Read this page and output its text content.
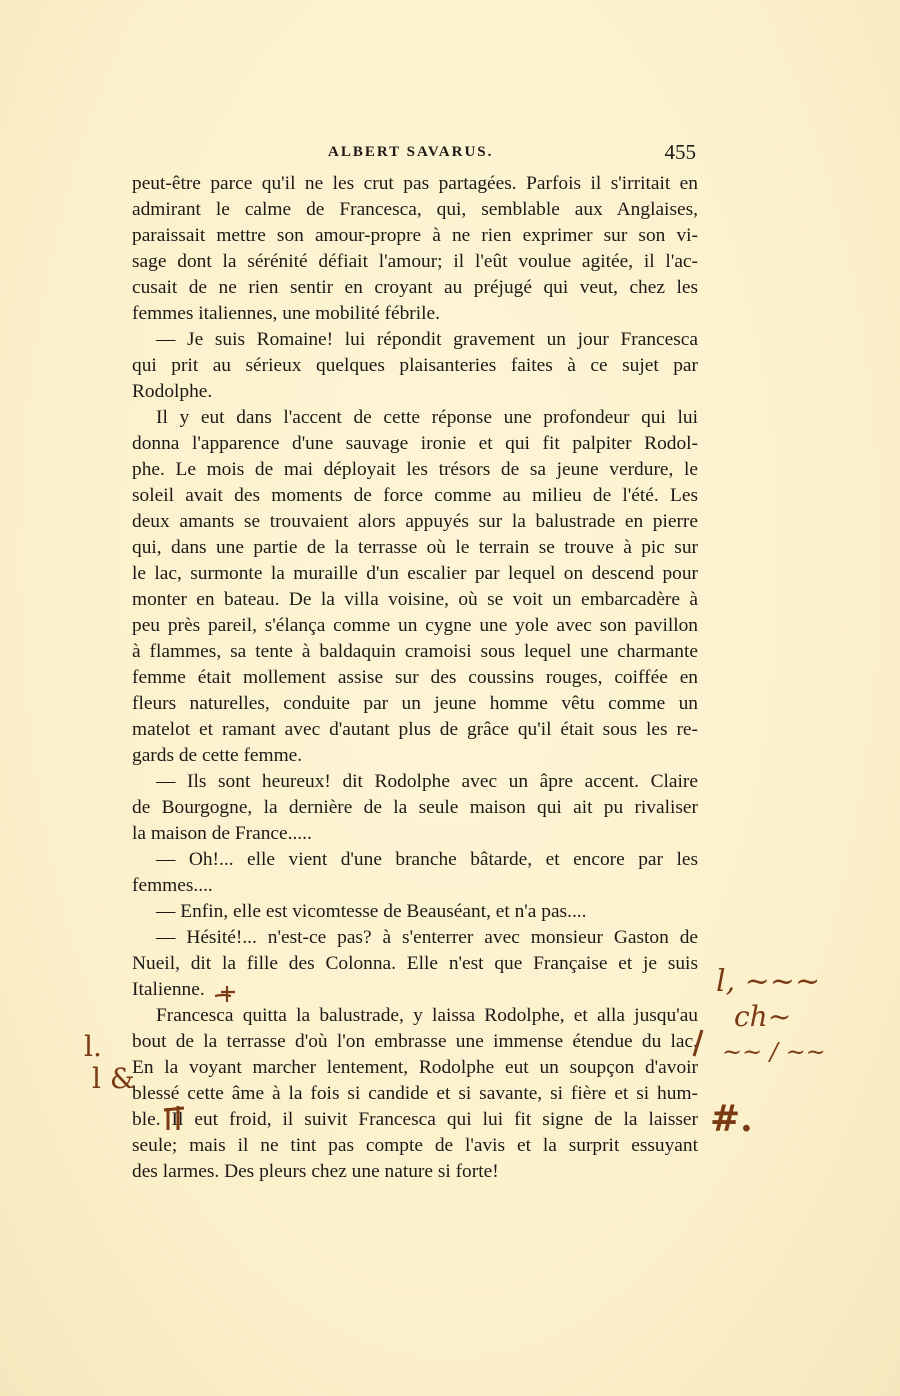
ALBERT SAVARUS.	455
peut-être parce qu'il ne les crut pas partagées. Parfois il s'irritait en
admirant le calme de Francesca, qui, semblable aux Anglaises,
paraissait mettre son amour-propre à ne rien exprimer sur son vi-
sage dont la sérénité défiait l'amour; il l'eût voulue agitée, il l'ac-
cusait de ne rien sentir en croyant au préjugé qui veut, chez les
femmes italiennes, une mobilité fébrile.
— Je suis Romaine! lui répondit gravement un jour Francesca
qui prit au sérieux quelques plaisanteries faites à ce sujet par
Rodolphe.
Il y eut dans l'accent de cette réponse une profondeur qui lui
donna l'apparence d'une sauvage ironie et qui fit palpiter Rodol-
phe. Le mois de mai déployait les trésors de sa jeune verdure, le
soleil avait des moments de force comme au milieu de l'été. Les
deux amants se trouvaient alors appuyés sur la balustrade en pierre
qui, dans une partie de la terrasse où le terrain se trouve à pic sur
le lac, surmonte la muraille d'un escalier par lequel on descend pour
monter en bateau. De la villa voisine, où se voit un embarcadère à
peu près pareil, s'élança comme un cygne une yole avec son pavillon
à flammes, sa tente à baldaquin cramoisi sous lequel une charmante
femme était mollement assise sur des coussins rouges, coiffée en
fleurs naturelles, conduite par un jeune homme vêtu comme un
matelot et ramant avec d'autant plus de grâce qu'il était sous les re-
gards de cette femme.
— Ils sont heureux! dit Rodolphe avec un âpre accent. Claire
de Bourgogne, la dernière de la seule maison qui ait pu rivaliser
la maison de France.....
— Oh!... elle vient d'une branche bâtarde, et encore par les
femmes....
— Enfin, elle est vicomtesse de Beauséant, et n'a pas....
— Hésité!... n'est-ce pas? à s'enterrer avec monsieur Gaston de
Nueil, dit la fille des Colonna. Elle n'est que Française et je suis
Italienne.
Francesca quitta la balustrade, y laissa Rodolphe, et alla jusqu'au
bout de la terrasse d'où l'on embrasse une immense étendue du lac.
En la voyant marcher lentement, Rodolphe eut un soupçon d'avoir
blessé cette âme à la fois si candide et si savante, si fière et si hum-
ble. Il eut froid, il suivit Francesca qui lui fit signe de la laisser
seule; mais il ne tint pas compte de l'avis et la surprit essuyant
des larmes. Des pleurs chez une nature si forte!
l, ~~~
ch~
~~ / ~~
#.
l.
l &
